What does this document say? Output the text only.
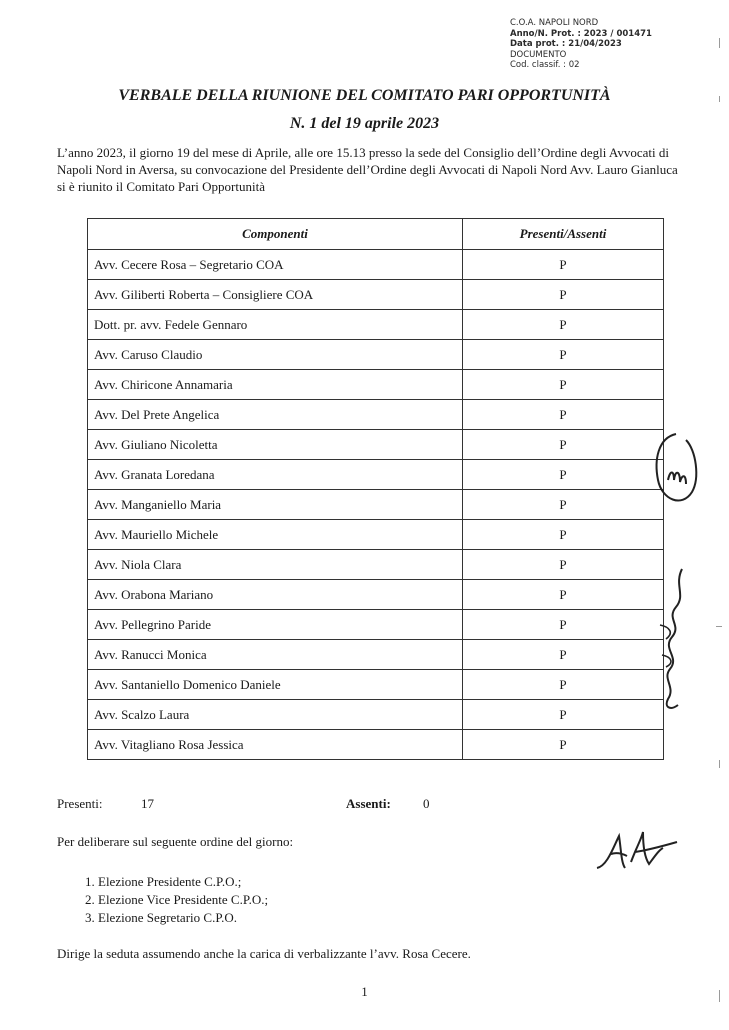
C.O.A. NAPOLI NORD
Anno/N. Prot. : 2023 / 001471
Data prot. : 21/04/2023
DOCUMENTO
Cod. classif. : 02
VERBALE DELLA RIUNIONE DEL COMITATO PARI OPPORTUNITÀ
N. 1 del 19 aprile 2023
L’anno 2023, il giorno 19 del mese di Aprile, alle ore 15.13 presso la sede del Consiglio dell’Ordine degli Avvocati di Napoli Nord in Aversa, su convocazione del Presidente dell’Ordine degli Avvocati di Napoli Nord Avv. Lauro Gianluca si è riunito il Comitato Pari Opportunità
Componenti	Presenti/Assenti
Avv. Cecere Rosa – Segretario COA	P
Avv. Giliberti Roberta – Consigliere COA	P
Dott. pr. avv. Fedele Gennaro	P
Avv. Caruso Claudio	P
Avv. Chiricone Annamaria	P
Avv. Del Prete Angelica	P
Avv. Giuliano Nicoletta	P
Avv. Granata Loredana	P
Avv. Manganiello Maria	P
Avv. Mauriello Michele	P
Avv. Niola Clara	P
Avv. Orabona Mariano	P
Avv. Pellegrino Paride	P
Avv. Ranucci Monica	P
Avv. Santaniello Domenico Daniele	P
Avv. Scalzo Laura	P
Avv. Vitagliano Rosa Jessica	P
Presenti:	17	Assenti: 0
Per deliberare sul seguente ordine del giorno:
1. Elezione Presidente C.P.O.;
2. Elezione Vice Presidente C.P.O.;
3. Elezione Segretario C.P.O.
Dirige la seduta assumendo anche la carica di verbalizzante l’avv. Rosa Cecere.
1
